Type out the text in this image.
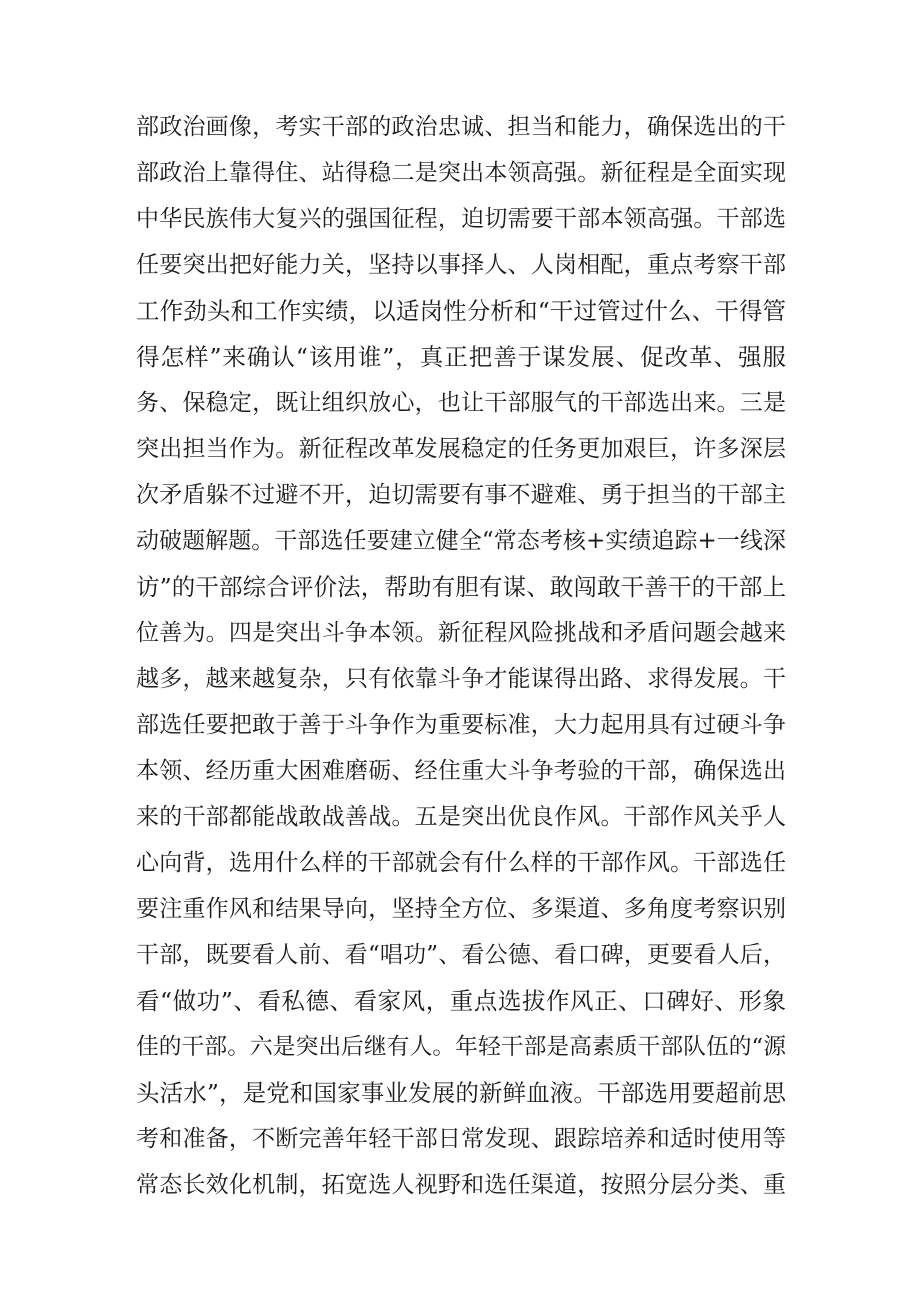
部政治画像，考实干部的政治忠诚、担当和能力，确保选出的干
部政治上靠得住、站得稳二是突出本领高强。新征程是全面实现
中华民族伟大复兴的强国征程，迫切需要干部本领高强。干部选
任要突出把好能力关，坚持以事择人、人岗相配，重点考察干部
工作劲头和工作实绩，以适岗性分析和“干过管过什么、干得管
得怎样”来确认“该用谁”，真正把善于谋发展、促改革、强服
务、保稳定，既让组织放心，也让干部服气的干部选出来。三是
突出担当作为。新征程改革发展稳定的任务更加艰巨，许多深层
次矛盾躲不过避不开，迫切需要有事不避难、勇于担当的干部主
动破题解题。干部选任要建立健全“常态考核+实绩追踪+一线深
访”的干部综合评价法，帮助有胆有谋、敢闯敢干善干的干部上
位善为。四是突出斗争本领。新征程风险挑战和矛盾问题会越来
越多，越来越复杂，只有依靠斗争才能谋得出路、求得发展。干
部选任要把敢于善于斗争作为重要标准，大力起用具有过硬斗争
本领、经历重大困难磨砺、经住重大斗争考验的干部，确保选出
来的干部都能战敢战善战。五是突出优良作风。干部作风关乎人
心向背，选用什么样的干部就会有什么样的干部作风。干部选任
要注重作风和结果导向，坚持全方位、多渠道、多角度考察识别
干部，既要看人前、看“唱功”、看公德、看口碑，更要看人后，
看“做功”、看私德、看家风，重点选拔作风正、口碑好、形象
佳的干部。六是突出后继有人。年轻干部是高素质干部队伍的“源
头活水”，是党和国家事业发展的新鲜血液。干部选用要超前思
考和准备，不断完善年轻干部日常发现、跟踪培养和适时使用等
常态长效化机制，拓宽选人视野和选任渠道，按照分层分类、重
